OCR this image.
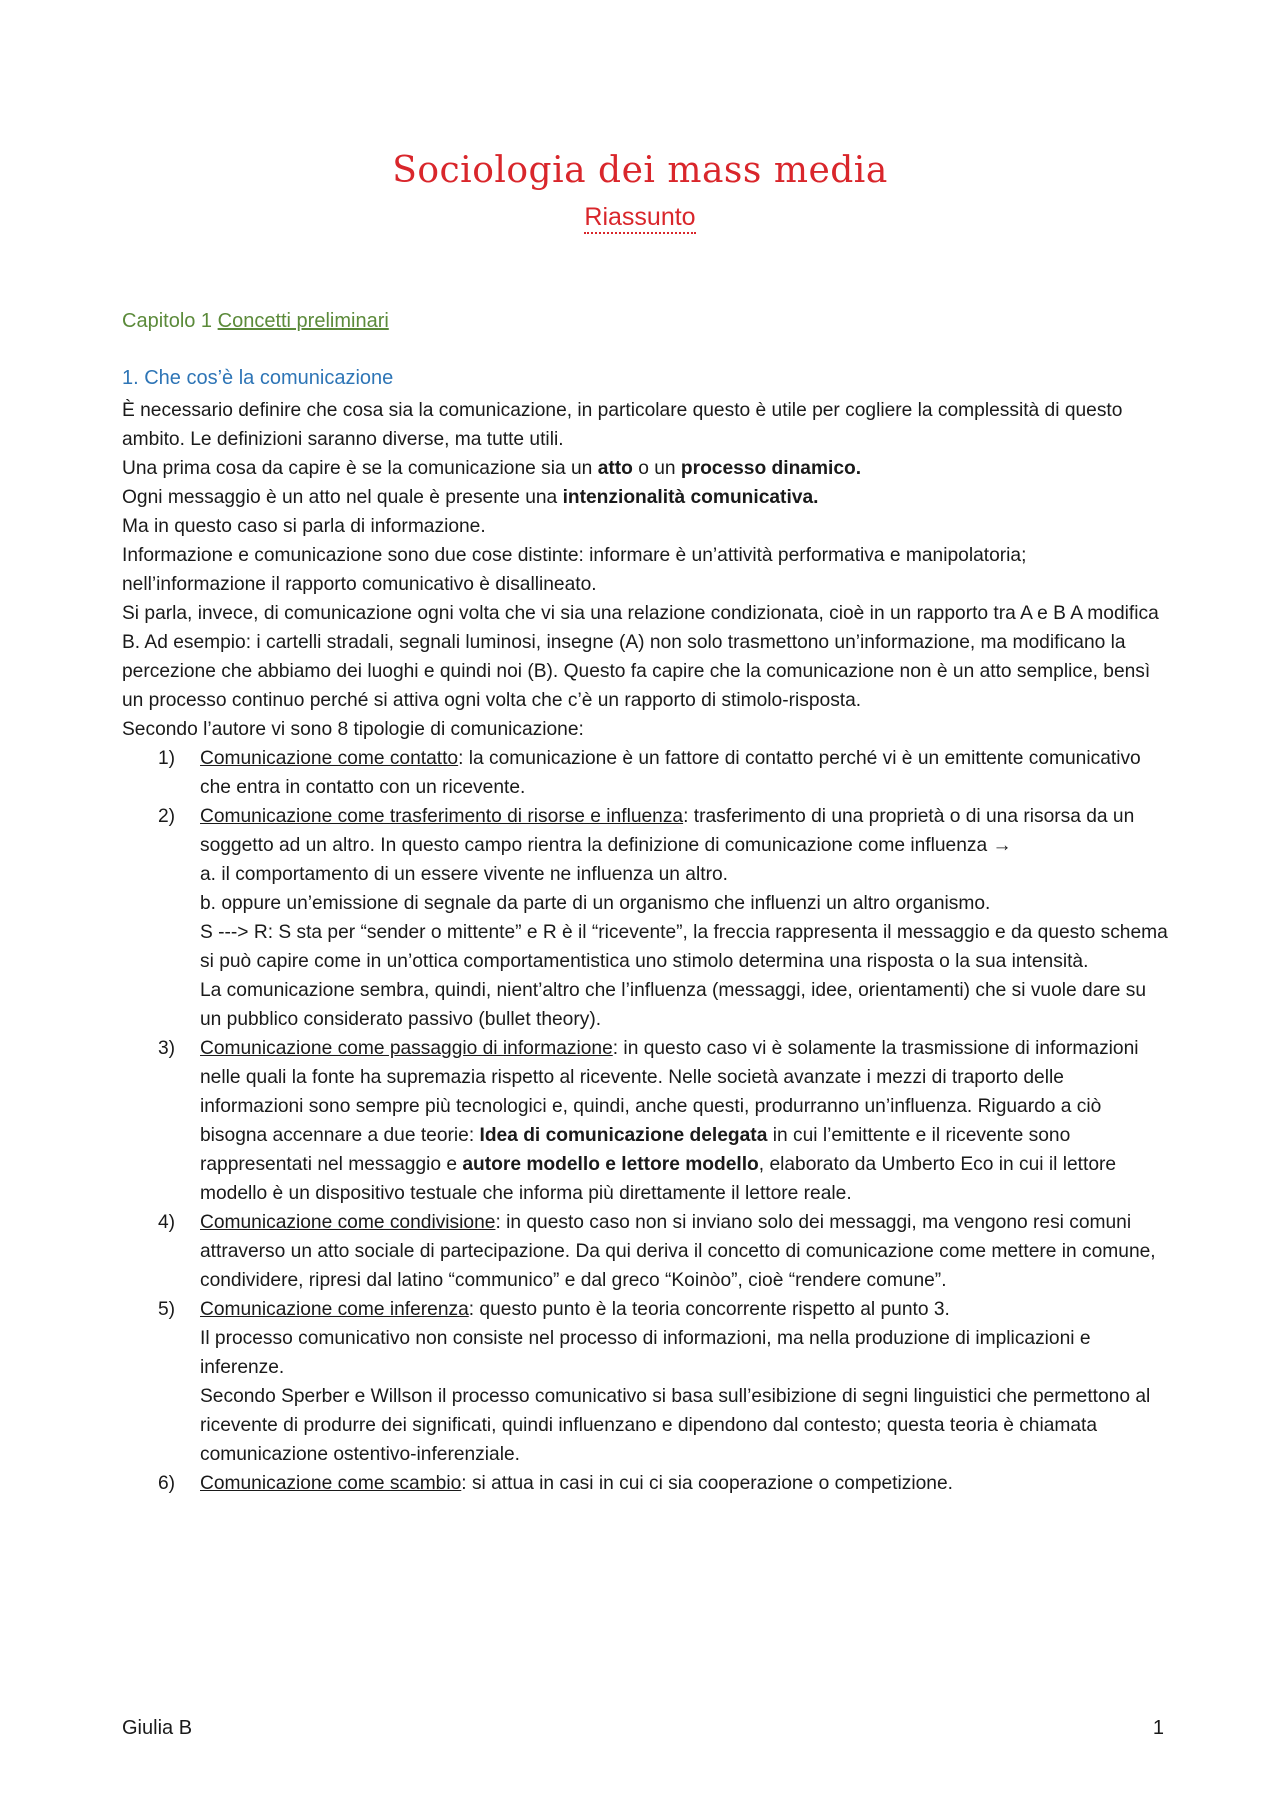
Sociologia dei mass media
Riassunto
Capitolo 1 Concetti preliminari
1. Che cos’è la comunicazione

È necessario definire che cosa sia la comunicazione, in particolare questo è utile per cogliere la complessità di questo ambito. Le definizioni saranno diverse, ma tutte utili.

Una prima cosa da capire è se la comunicazione sia un atto o un processo dinamico.

Ogni messaggio è un atto nel quale è presente una intenzionalità comunicativa.

Ma in questo caso si parla di informazione.

Informazione e comunicazione sono due cose distinte: informare è un’attività performativa e manipolatoria; nell’informazione il rapporto comunicativo è disallineato.

Si parla, invece, di comunicazione ogni volta che vi sia una relazione condizionata, cioè in un rapporto tra A e B A modifica B. Ad esempio: i cartelli stradali, segnali luminosi, insegne (A) non solo trasmettono un’informazione, ma modificano la percezione che abbiamo dei luoghi e quindi noi (B). Questo fa capire che la comunicazione non è un atto semplice, bensì un processo continuo perché si attiva ogni volta che c’è un rapporto di stimolo-risposta.

Secondo l’autore vi sono 8 tipologie di comunicazione:

1) Comunicazione come contatto: la comunicazione è un fattore di contatto perché vi è un emittente comunicativo che entra in contatto con un ricevente.
2) Comunicazione come trasferimento di risorse e influenza: trasferimento di una proprietà o di una risorsa da un soggetto ad un altro. In questo campo rientra la definizione di comunicazione come influenza →
a. il comportamento di un essere vivente ne influenza un altro.
b. oppure un’emissione di segnale da parte di un organismo che influenzi un altro organismo.
S ---> R: S sta per “sender o mittente” e R è il “ricevente”, la freccia rappresenta il messaggio e da questo schema si può capire come in un’ottica comportamentistica uno stimolo determina una risposta o la sua intensità.
La comunicazione sembra, quindi, nient’altro che l’influenza (messaggi, idee, orientamenti) che si vuole dare su un pubblico considerato passivo (bullet theory).
3) Comunicazione come passaggio di informazione: in questo caso vi è solamente la trasmissione di informazioni nelle quali la fonte ha supremazia rispetto al ricevente. Nelle società avanzate i mezzi di traporto delle informazioni sono sempre più tecnologici e, quindi, anche questi, produrranno un’influenza. Riguardo a ciò bisogna accennare a due teorie: Idea di comunicazione delegata in cui l’emittente e il ricevente sono rappresentati nel messaggio e autore modello e lettore modello, elaborato da Umberto Eco in cui il lettore modello è un dispositivo testuale che informa più direttamente il lettore reale.
4) Comunicazione come condivisione: in questo caso non si inviano solo dei messaggi, ma vengono resi comuni attraverso un atto sociale di partecipazione. Da qui deriva il concetto di comunicazione come mettere in comune, condividere, ripresi dal latino “communico” e dal greco “Koinòo”, cioè “rendere comune”.
5) Comunicazione come inferenza: questo punto è la teoria concorrente rispetto al punto 3.
Il processo comunicativo non consiste nel processo di informazioni, ma nella produzione di implicazioni e inferenze.
Secondo Sperber e Willson il processo comunicativo si basa sull’esibizione di segni linguistici che permettono al ricevente di produrre dei significati, quindi influenzano e dipendono dal contesto; questa teoria è chiamata comunicazione ostentivo-inferenziale.
6) Comunicazione come scambio: si attua in casi in cui ci sia cooperazione o competizione.
Giulia B	1
